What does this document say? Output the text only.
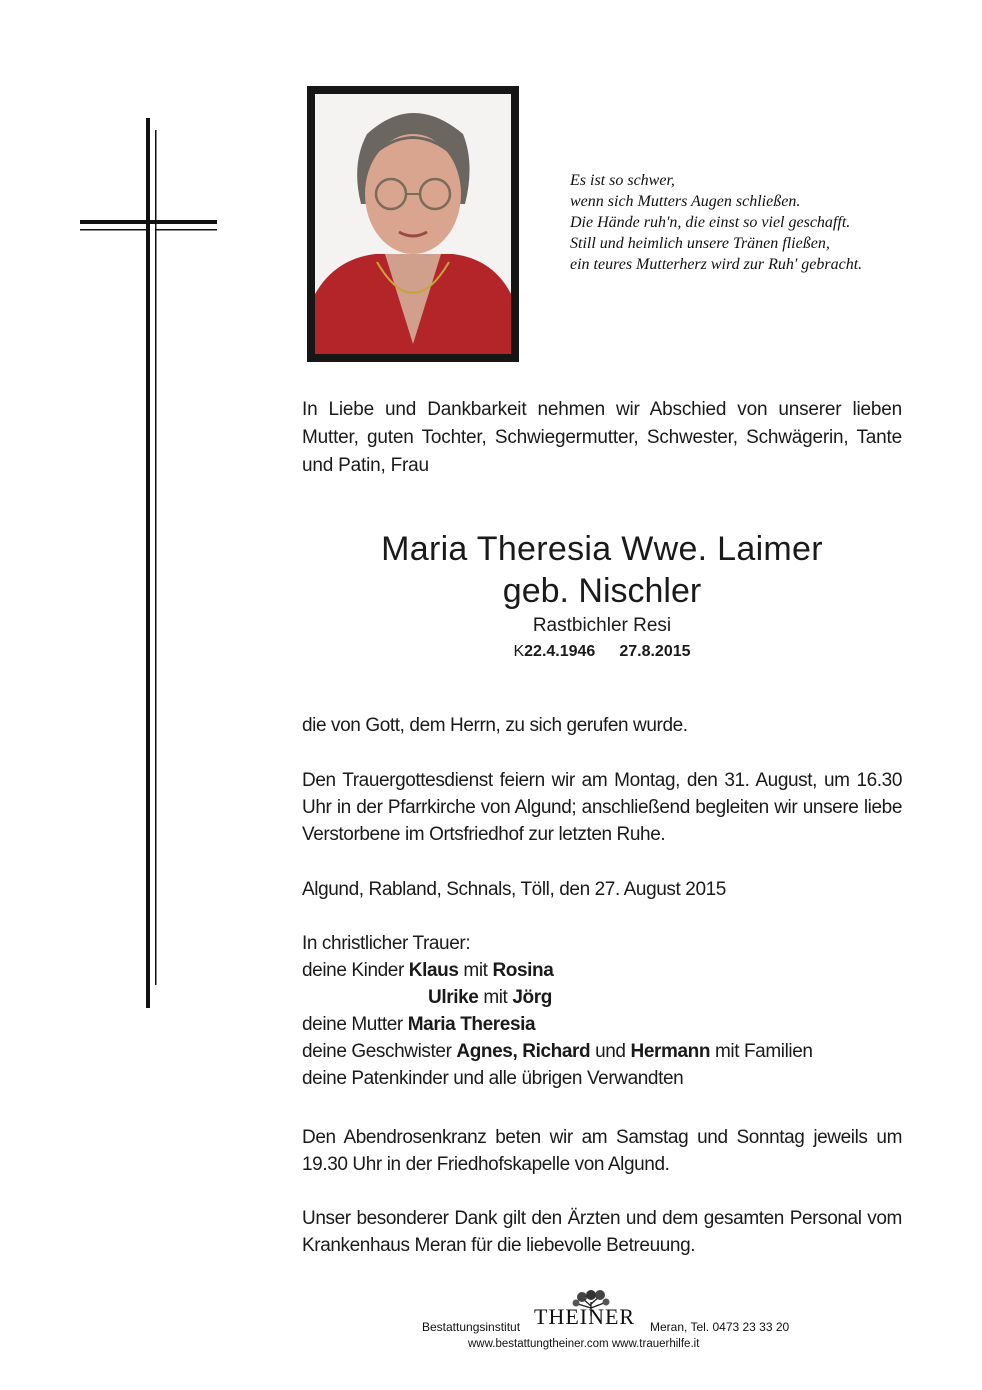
Es ist so schwer,
wenn sich Mutters Augen schließen.
Die Hände ruh'n, die einst so viel geschafft.
Still und heimlich unsere Tränen fließen,
ein teures Mutterherz wird zur Ruh' gebracht.
In Liebe und Dankbarkeit nehmen wir Abschied von unserer lieben Mutter, guten Tochter, Schwiegermutter, Schwester, Schwägerin, Tante und Patin, Frau
Maria Theresia Wwe. Laimer
geb. Nischler
Rastbichler Resi
K22.4.1946 27.8.2015
die von Gott, dem Herrn, zu sich gerufen wurde.
Den Trauergottesdienst feiern wir am Montag, den 31. August, um 16.30 Uhr in der Pfarrkirche von Algund; anschließend begleiten wir unsere liebe Verstorbene im Ortsfriedhof zur letzten Ruhe.
Algund, Rabland, Schnals, Töll, den 27. August 2015
In christlicher Trauer:
deine Kinder Klaus mit Rosina
Ulrike mit Jörg
deine Mutter Maria Theresia
deine Geschwister Agnes, Richard und Hermann mit Familien
deine Patenkinder und alle übrigen Verwandten
Den Abendrosenkranz beten wir am Samstag und Sonntag jeweils um 19.30 Uhr in der Friedhofskapelle von Algund.
Unser besonderer Dank gilt den Ärzten und dem gesamten Personal vom Krankenhaus Meran für die liebevolle Betreuung.
Bestattungsinstitut THEINER Meran, Tel. 0473 23 33 20
www.bestattungtheiner.com www.trauerhilfe.it
